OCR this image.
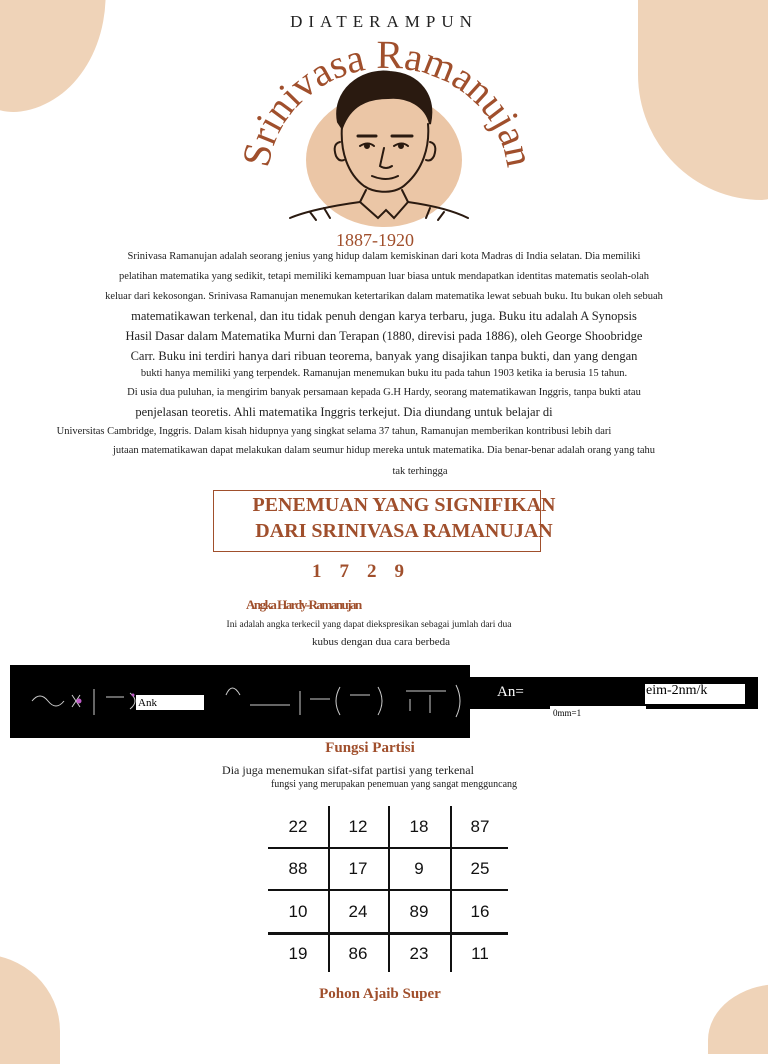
DIATERAMPUN
Srinivasa Ramanujan
1887-1920
Srinivasa Ramanujan adalah seorang jenius yang hidup dalam kemiskinan dari kota Madras di India selatan. Dia memiliki
pelatihan matematika yang sedikit, tetapi memiliki kemampuan luar biasa untuk mendapatkan identitas matematis seolah-olah
keluar dari kekosongan. Srinivasa Ramanujan menemukan ketertarikan dalam matematika lewat sebuah buku. Itu bukan oleh sebuah
matematikawan terkenal, dan itu tidak penuh dengan karya terbaru, juga. Buku itu adalah A Synopsis
Hasil Dasar dalam Matematika Murni dan Terapan (1880, direvisi pada 1886), oleh George Shoobridge
Carr. Buku ini terdiri hanya dari ribuan teorema, banyak yang disajikan tanpa bukti, dan yang dengan
bukti hanya memiliki yang terpendek. Ramanujan menemukan buku itu pada tahun 1903 ketika ia berusia 15 tahun.
Di usia dua puluhan, ia mengirim banyak persamaan kepada G.H Hardy, seorang matematikawan Inggris, tanpa bukti atau
penjelasan teoretis. Ahli matematika Inggris terkejut. Dia diundang untuk belajar di
Universitas Cambridge, Inggris. Dalam kisah hidupnya yang singkat selama 37 tahun, Ramanujan memberikan kontribusi lebih dari
jutaan matematikawan dapat melakukan dalam seumur hidup mereka untuk matematika. Dia benar-benar adalah orang yang tahu
tak terhingga
PENEMUAN YANG SIGNIFIKAN
DARI SRINIVASA RAMANUJAN
1729
Angka Hardy-Ramanujan
Ini adalah angka terkecil yang dapat diekspresikan sebagai jumlah dari dua
kubus dengan dua cara berbeda
Ank
An=	eim-2nm/k
0mm=1
Fungsi Partisi
Dia juga menemukan sifat-sifat partisi yang terkenal
fungsi yang merupakan penemuan yang sangat mengguncang
22	12	18	87
88	17	9	25
10	24	89	16
19	86	23	11
Pohon Ajaib Super
